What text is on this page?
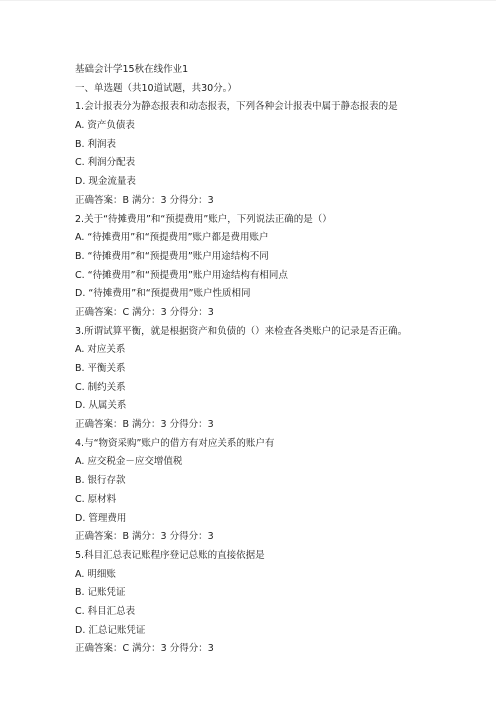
基础会计学15秋在线作业1
一、单选题（共10道试题，共30分。）
1.会计报表分为静态报表和动态报表，下列各种会计报表中属于静态报表的是
A. 资产负债表
B. 利润表
C. 利润分配表
D. 现金流量表
正确答案：B 满分：3 分得分：3
2.关于“待摊费用”和“预提费用”账户，下列说法正确的是（）
A. “待摊费用”和“预提费用”账户都是费用账户
B. “待摊费用”和“预提费用”账户用途结构不同
C. “待摊费用”和“预提费用”账户用途结构有相同点
D. “待摊费用”和“预提费用”账户性质相同
正确答案：C 满分：3 分得分：3
3.所谓试算平衡，就是根据资产和负债的（）来检查各类账户的记录是否正确。
A. 对应关系
B. 平衡关系
C. 制约关系
D. 从属关系
正确答案：B 满分：3 分得分：3
4.与“物资采购”账户的借方有对应关系的账户有
A. 应交税金－应交增值税
B. 银行存款
C. 原材料
D. 管理费用
正确答案：B 满分：3 分得分：3
5.科目汇总表记账程序登记总账的直接依据是
A. 明细账
B. 记账凭证
C. 科目汇总表
D. 汇总记账凭证
正确答案：C 满分：3 分得分：3
